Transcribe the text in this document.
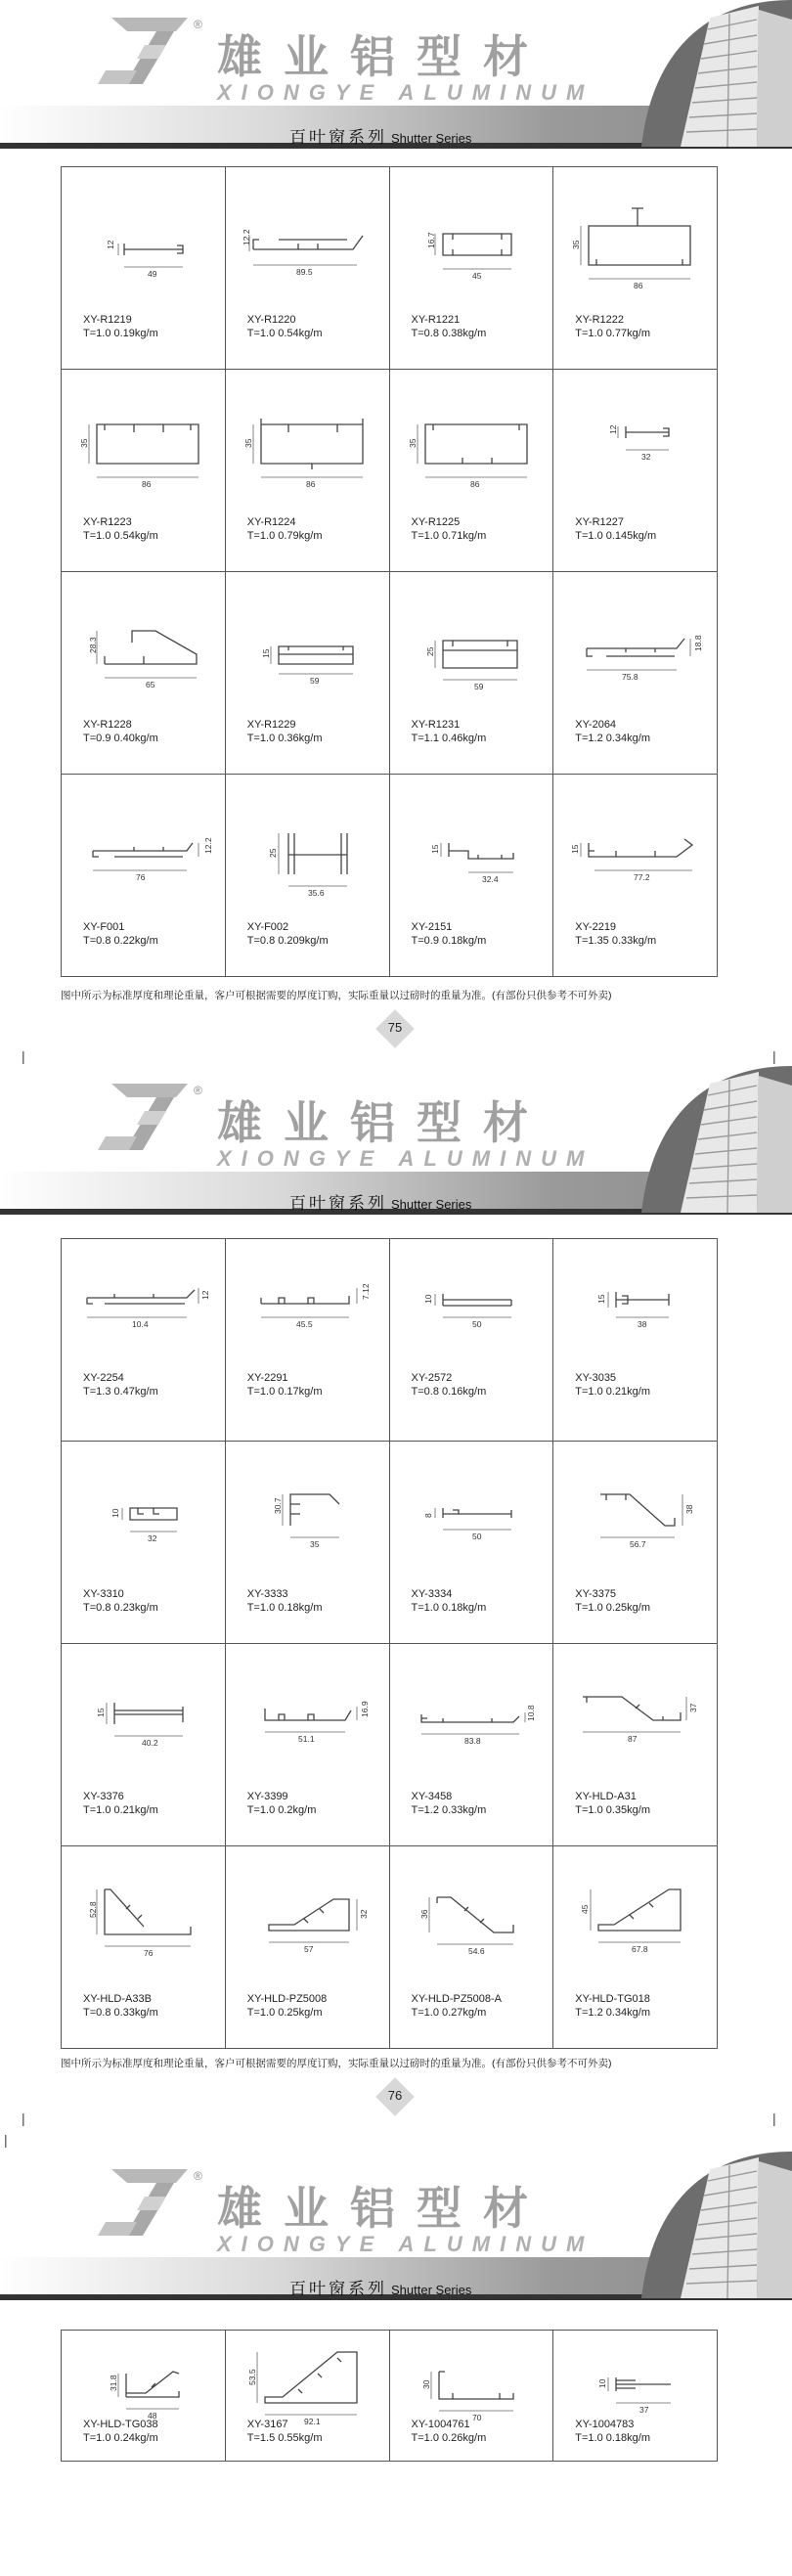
®
雄业铝型材
XIONGYE ALUMINUM
百叶窗系列 Shutter Series
12
49
XY-R1219
T=1.0 0.19kg/m
12.2
89.5
XY-R1220
T=1.0 0.54kg/m
16.7
45
XY-R1221
T=0.8 0.38kg/m
35
86
XY-R1222
T=1.0 0.77kg/m
35
86
XY-R1223
T=1.0 0.54kg/m
35
86
XY-R1224
T=1.0 0.79kg/m
35
86
XY-R1225
T=1.0 0.71kg/m
12
32
XY-R1227
T=1.0 0.145kg/m
28.3
65
XY-R1228
T=0.9 0.40kg/m
15
59
XY-R1229
T=1.0 0.36kg/m
25
59
XY-R1231
T=1.1 0.46kg/m
18.8
75.8
XY-2064
T=1.2 0.34kg/m
12.2
76
XY-F001
T=0.8 0.22kg/m
25
35.6
XY-F002
T=0.8 0.209kg/m
15
32.4
XY-2151
T=0.9 0.18kg/m
15
77.2
XY-2219
T=1.35 0.33kg/m
图中所示为标准厚度和理论重量，客户可根据需要的厚度订购，实际重量以过磅时的重量为准。(有部份只供参考不可外卖)
75
|	|
®
雄业铝型材
XIONGYE ALUMINUM
百叶窗系列 Shutter Series
12
10.4
XY-2254
T=1.3 0.47kg/m
7.12
45.5
XY-2291
T=1.0 0.17kg/m
10
50
XY-2572
T=0.8 0.16kg/m
15
38
XY-3035
T=1.0 0.21kg/m
10
32
XY-3310
T=0.8 0.23kg/m
30.7
35
XY-3333
T=1.0 0.18kg/m
8
50
XY-3334
T=1.0 0.18kg/m
38
56.7
XY-3375
T=1.0 0.25kg/m
15
40.2
XY-3376
T=1.0 0.21kg/m
16.9
51.1
XY-3399
T=1.0 0.2kg/m
10.8
83.8
XY-3458
T=1.2 0.33kg/m
37
87
XY-HLD-A31
T=1.0 0.35kg/m
52.8
76
XY-HLD-A33B
T=0.8 0.33kg/m
32
57
XY-HLD-PZ5008
T=1.0 0.25kg/m
36
54.6
XY-HLD-PZ5008-A
T=1.0 0.27kg/m
45
67.8
XY-HLD-TG018
T=1.2 0.34kg/m
图中所示为标准厚度和理论重量，客户可根据需要的厚度订购，实际重量以过磅时的重量为准。(有部份只供参考不可外卖)
76
|	|
|
®
雄业铝型材
XIONGYE ALUMINUM
百叶窗系列 Shutter Series
31.8
48
XY-HLD-TG038
T=1.0 0.24kg/m
53.5
92.1
XY-3167
T=1.5 0.55kg/m
30
70
XY-1004761
T=1.0 0.26kg/m
10
37
XY-1004783
T=1.0 0.18kg/m
